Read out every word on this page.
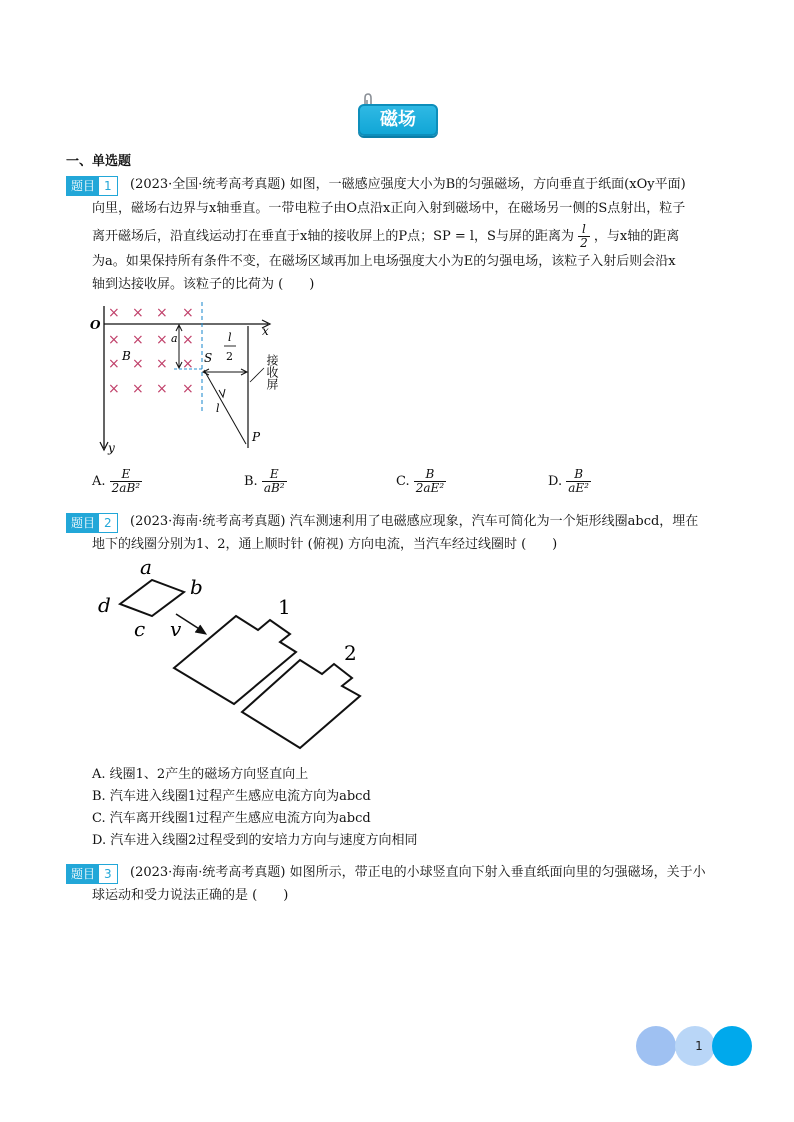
磁场
一、单选题
题目 1	(2023·全国·统考高考真题) 如图，一磁感应强度大小为B的匀强磁场，方向垂直于纸面(xOy平面)
向里，磁场右边界与x轴垂直。一带电粒子由O点沿x正向入射到磁场中，在磁场另一侧的S点射出，粒子
离开磁场后，沿直线运动打在垂直于x轴的接收屏上的P点；SP = l，S与屏的距离为 $\frac{l}{2}$ ，与x轴的距离
为a。如果保持所有条件不变，在磁场区域再加上电场强度大小为E的匀强电场，该粒子入射后则会沿x
轴到达接收屏。该粒子的比荷为 (　　)
O	x
y
× × × ×
× × × ×
× × × ×
× × × ×
B
a
S
l
2
l
P
接收屏
A. $\frac{E}{\text{2aB²}}$	B. $\frac{E}{\text{aB²}}$	C. $\frac{B}{\text{2aE²}}$	D. $\frac{B}{\text{aE²}}$
题目 2	(2023·海南·统考高考真题) 汽车测速利用了电磁感应现象，汽车可简化为一个矩形线圈abcd，埋在
地下的线圈分别为1、2，通上顺时针 (俯视) 方向电流，当汽车经过线圈时 (　　)
a
b
d
c v
1
2
A. 线圈1、2产生的磁场方向竖直向上
B. 汽车进入线圈1过程产生感应电流方向为abcd
C. 汽车离开线圈1过程产生感应电流方向为abcd
D. 汽车进入线圈2过程受到的安培力方向与速度方向相同
题目 3	(2023·海南·统考高考真题) 如图所示，带正电的小球竖直向下射入垂直纸面向里的匀强磁场，关于小
球运动和受力说法正确的是 (　　)
1
